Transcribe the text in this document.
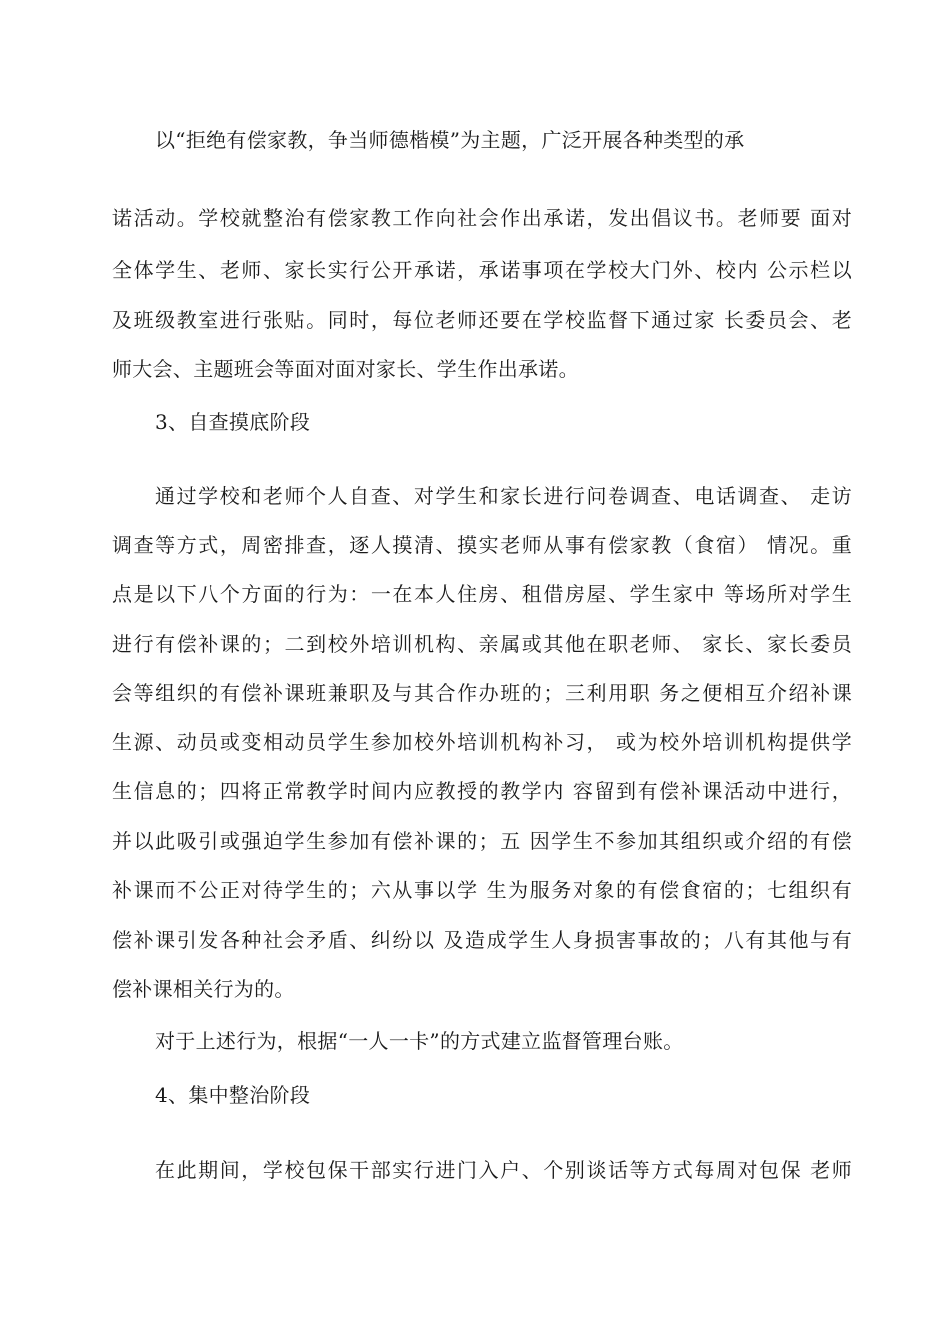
以“拒绝有偿家教，争当师德楷模”为主题，广泛开展各种类型的承
诺活动。学校就整治有偿家教工作向社会作出承诺，发出倡议书。老师要 面对
全体学生、老师、家长实行公开承诺，承诺事项在学校大门外、校内 公示栏以
及班级教室进行张贴。同时，每位老师还要在学校监督下通过家 长委员会、老
师大会、主题班会等面对面对家长、学生作出承诺。
3、自查摸底阶段
通过学校和老师个人自查、对学生和家长进行问卷调查、电话调查、 走访
调查等方式，周密排查，逐人摸清、摸实老师从事有偿家教（食宿） 情况。重
点是以下八个方面的行为：一在本人住房、租借房屋、学生家中 等场所对学生
进行有偿补课的；二到校外培训机构、亲属或其他在职老师、 家长、家长委员
会等组织的有偿补课班兼职及与其合作办班的；三利用职 务之便相互介绍补课
生源、动员或变相动员学生参加校外培训机构补习， 或为校外培训机构提供学
生信息的；四将正常教学时间内应教授的教学内 容留到有偿补课活动中进行，
并以此吸引或强迫学生参加有偿补课的；五 因学生不参加其组织或介绍的有偿
补课而不公正对待学生的；六从事以学 生为服务对象的有偿食宿的；七组织有
偿补课引发各种社会矛盾、纠纷以 及造成学生人身损害事故的；八有其他与有
偿补课相关行为的。
对于上述行为，根据“一人一卡”的方式建立监督管理台账。
4、集中整治阶段
在此期间，学校包保干部实行进门入户、个别谈话等方式每周对包保 老师
